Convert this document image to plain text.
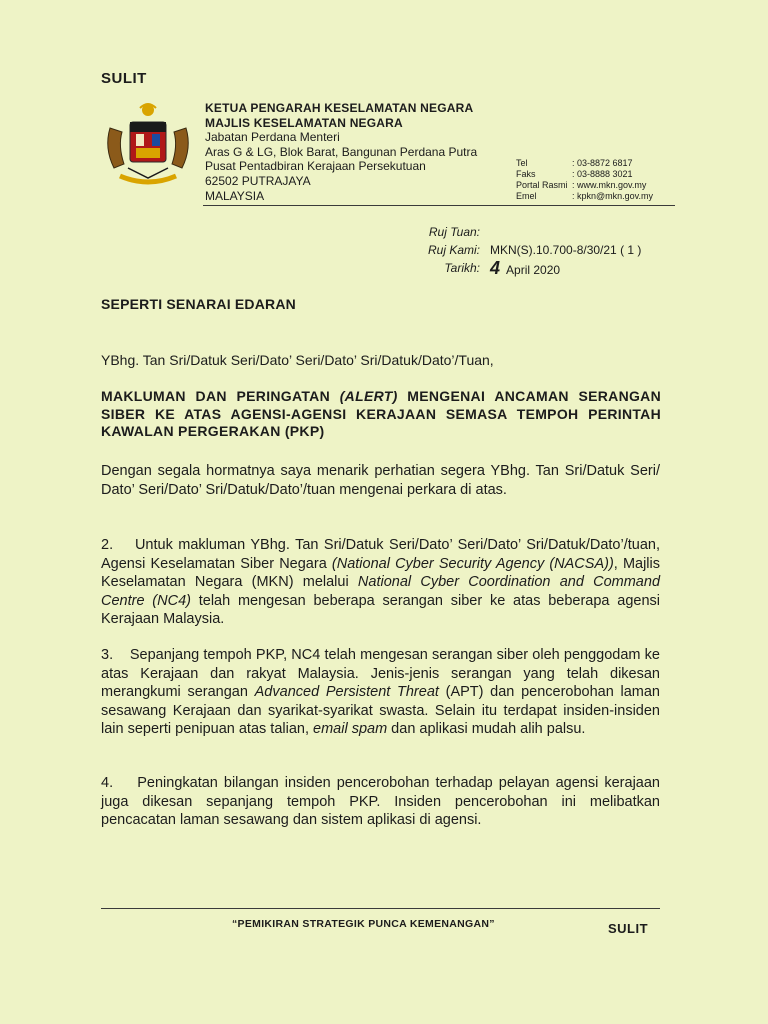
SULIT
KETUA PENGARAH KESELAMATAN NEGARA
MAJLIS KESELAMATAN NEGARA
Jabatan Perdana Menteri
Aras G & LG, Blok Barat, Bangunan Perdana Putra
Pusat Pentadbiran Kerajaan Persekutuan
62502 PUTRAJAYA
MALAYSIA
Tel	: 03-8872 6817
Faks	: 03-8888 3021
Portal Rasmi : www.mkn.gov.my
Emel	: kpkn@mkn.gov.my
Ruj Tuan:
Ruj Kami: MKN(S).10.700-8/30/21 ( 1 )
Tarikh: 4 April 2020
SEPERTI SENARAI EDARAN
YBhg. Tan Sri/Datuk Seri/Dato’ Seri/Dato’ Sri/Datuk/Dato’/Tuan,
MAKLUMAN DAN PERINGATAN (ALERT) MENGENAI ANCAMAN SERANGAN SIBER KE ATAS AGENSI-AGENSI KERAJAAN SEMASA TEMPOH PERINTAH KAWALAN PERGERAKAN (PKP)
Dengan segala hormatnya saya menarik perhatian segera YBhg. Tan Sri/Datuk Seri/ Dato’ Seri/Dato’ Sri/Datuk/Dato’/tuan mengenai perkara di atas.
2.    Untuk makluman YBhg. Tan Sri/Datuk Seri/Dato’ Seri/Dato’ Sri/Datuk/Dato’/tuan, Agensi Keselamatan Siber Negara (National Cyber Security Agency (NACSA)), Majlis Keselamatan Negara (MKN) melalui National Cyber Coordination and Command Centre (NC4) telah mengesan beberapa serangan siber ke atas beberapa agensi Kerajaan Malaysia.
3.    Sepanjang tempoh PKP, NC4 telah mengesan serangan siber oleh penggodam ke atas Kerajaan dan rakyat Malaysia. Jenis-jenis serangan yang telah dikesan merangkumi serangan Advanced Persistent Threat (APT) dan pencerobohan laman sesawang Kerajaan dan syarikat-syarikat swasta. Selain itu terdapat insiden-insiden lain seperti penipuan atas talian, email spam dan aplikasi mudah alih palsu.
4.    Peningkatan bilangan insiden pencerobohan terhadap pelayan agensi kerajaan juga dikesan sepanjang tempoh PKP. Insiden pencerobohan ini melibatkan pencacatan laman sesawang dan sistem aplikasi di agensi.
“PEMIKIRAN STRATEGIK PUNCA KEMENANGAN”	SULIT
